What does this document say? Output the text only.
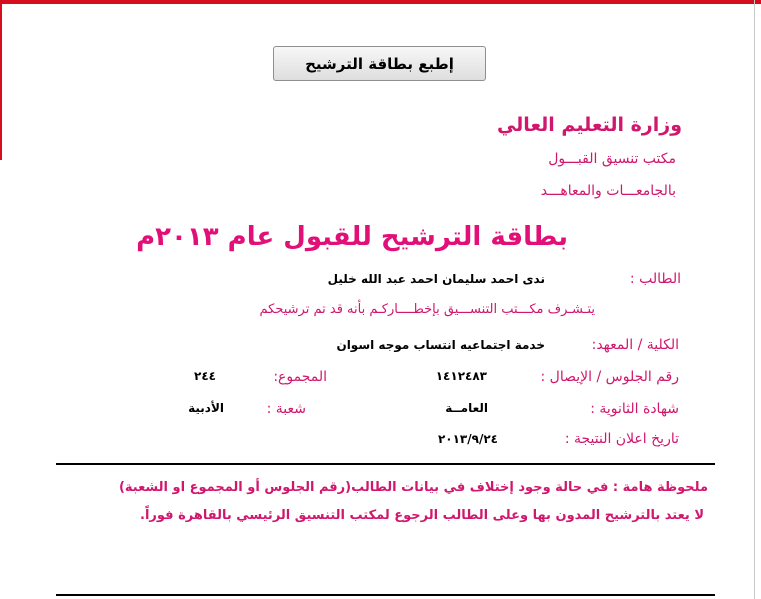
إطبع بطاقة الترشيح
وزارة التعليم العالي
مكتب تنسيق القبـــول
بالجامعـــات والمعاهـــد
بطاقة الترشيح للقبول عام ٢٠١٣م
الطالب :
ندى احمد سليمان احمد عبد الله خليل
يتـشـرف مكـــتب التنســـيق بإخطــــاركـم بأنه قد تم ترشيحكم
الكلية / المعهد:
خدمة اجتماعيه انتساب موجه اسوان
رقم الجلوس / الإيصال :
١٤١٢٤٨٣
المجموع:
٢٤٤
شهادة الثانوية :
العامــة
شعبة :
الأدبية
تاريخ اعلان النتيجة :
٢٠١٣/٩/٢٤
ملحوظة هامة : في حالة وجود إختلاف في بيانات الطالب(رقم الجلوس أو المجموع او الشعبة)
لا يعتد بالترشيح المدون بها وعلى الطالب الرجوع لمكتب التنسيق الرئيسي بالقاهرة فوراً.
